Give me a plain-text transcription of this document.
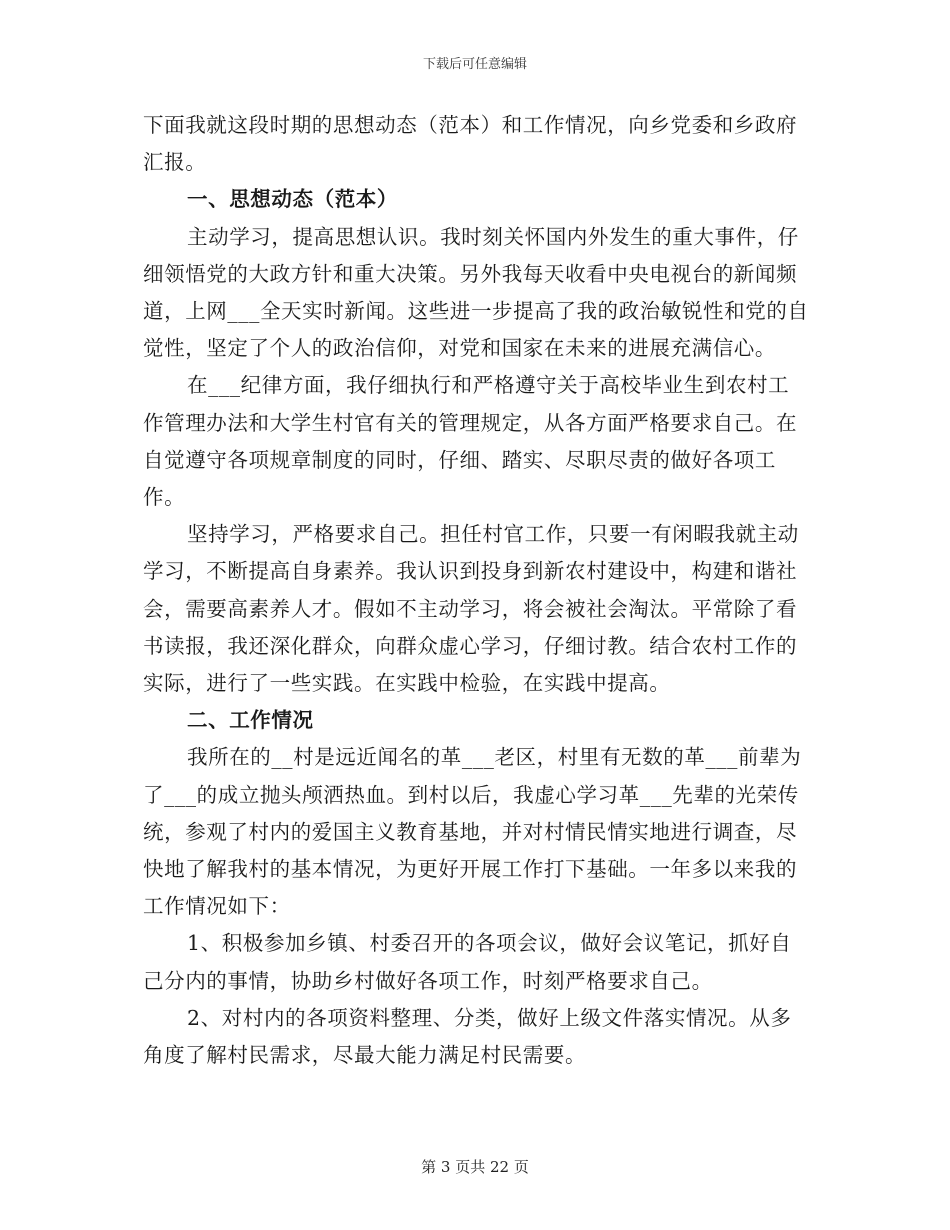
下载后可任意编辑

下面我就这段时期的思想动态（范本）和工作情况，向乡党委和乡政府汇报。

一、思想动态（范本）

主动学习，提高思想认识。我时刻关怀国内外发生的重大事件，仔细领悟党的大政方针和重大决策。另外我每天收看中央电视台的新闻频道，上网___全天实时新闻。这些进一步提高了我的政治敏锐性和党的自觉性，坚定了个人的政治信仰，对党和国家在未来的进展充满信心。

在___纪律方面，我仔细执行和严格遵守关于高校毕业生到农村工作管理办法和大学生村官有关的管理规定，从各方面严格要求自己。在自觉遵守各项规章制度的同时，仔细、踏实、尽职尽责的做好各项工作。

坚持学习，严格要求自己。担任村官工作，只要一有闲暇我就主动学习，不断提高自身素养。我认识到投身到新农村建设中，构建和谐社会，需要高素养人才。假如不主动学习，将会被社会淘汰。平常除了看书读报，我还深化群众，向群众虚心学习，仔细讨教。结合农村工作的实际，进行了一些实践。在实践中检验，在实践中提高。

二、工作情况

我所在的__村是远近闻名的革___老区，村里有无数的革___前辈为了___的成立抛头颅洒热血。到村以后，我虚心学习革___先辈的光荣传统，参观了村内的爱国主义教育基地，并对村情民情实地进行调查，尽快地了解我村的基本情况，为更好开展工作打下基础。一年多以来我的工作情况如下：

1、积极参加乡镇、村委召开的各项会议，做好会议笔记，抓好自己分内的事情，协助乡村做好各项工作，时刻严格要求自己。

2、对村内的各项资料整理、分类，做好上级文件落实情况。从多角度了解村民需求，尽最大能力满足村民需要。

第 3 页共 22 页
